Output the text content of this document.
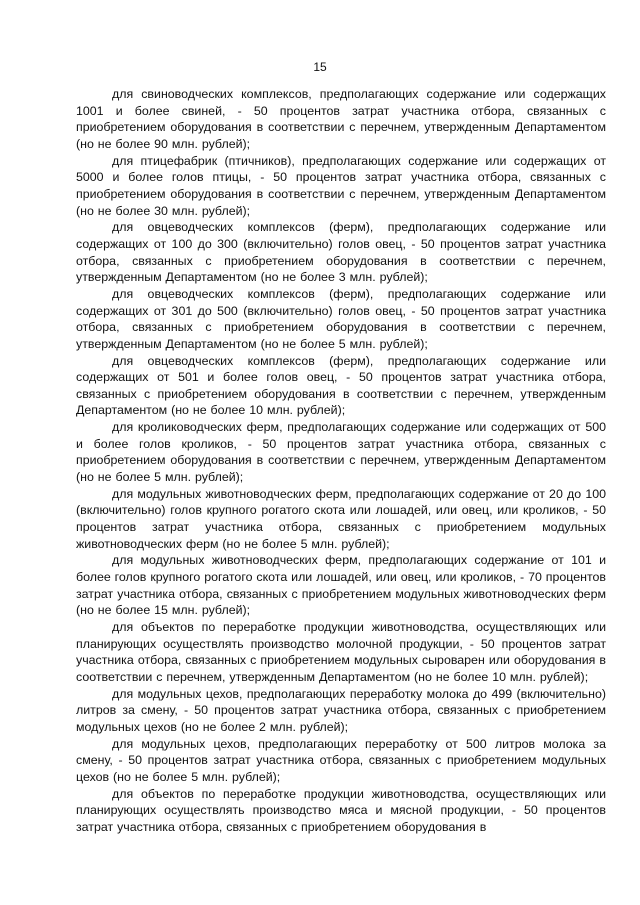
15

для свиноводческих комплексов, предполагающих содержание или содержащих 1001 и более свиней, - 50 процентов затрат участника отбора, связанных с приобретением оборудования в соответствии с перечнем, утвержденным Департаментом (но не более 90 млн. рублей);

для птицефабрик (птичников), предполагающих содержание или содержащих от 5000 и более голов птицы, - 50 процентов затрат участника отбора, связанных с приобретением оборудования в соответствии с перечнем, утвержденным Департаментом (но не более 30 млн. рублей);

для овцеводческих комплексов (ферм), предполагающих содержание или содержащих от 100 до 300 (включительно) голов овец, - 50 процентов затрат участника отбора, связанных с приобретением оборудования в соответствии с перечнем, утвержденным Департаментом (но не более 3 млн. рублей);

для овцеводческих комплексов (ферм), предполагающих содержание или содержащих от 301 до 500 (включительно) голов овец, - 50 процентов затрат участника отбора, связанных с приобретением оборудования в соответствии с перечнем, утвержденным Департаментом (но не более 5 млн. рублей);

для овцеводческих комплексов (ферм), предполагающих содержание или содержащих от 501 и более голов овец, - 50 процентов затрат участника отбора, связанных с приобретением оборудования в соответствии с перечнем, утвержденным Департаментом (но не более 10 млн. рублей);

для кролиководческих ферм, предполагающих содержание или содержащих от 500 и более голов кроликов, - 50 процентов затрат участника отбора, связанных с приобретением оборудования в соответствии с перечнем, утвержденным Департаментом (но не более 5 млн. рублей);

для модульных животноводческих ферм, предполагающих содержание от 20 до 100 (включительно) голов крупного рогатого скота или лошадей, или овец, или кроликов, - 50 процентов затрат участника отбора, связанных с приобретением модульных животноводческих ферм (но не более 5 млн. рублей);

для модульных животноводческих ферм, предполагающих содержание от 101 и более голов крупного рогатого скота или лошадей, или овец, или кроликов, - 70 процентов затрат участника отбора, связанных с приобретением модульных животноводческих ферм (но не более 15 млн. рублей);

для объектов по переработке продукции животноводства, осуществляющих или планирующих осуществлять производство молочной продукции, - 50 процентов затрат участника отбора, связанных с приобретением модульных сыроварен или оборудования в соответствии с перечнем, утвержденным Департаментом (но не более 10 млн. рублей);

для модульных цехов, предполагающих переработку молока до 499 (включительно) литров за смену, - 50 процентов затрат участника отбора, связанных с приобретением модульных цехов (но не более 2 млн. рублей);

для модульных цехов, предполагающих переработку от 500 литров молока за смену, - 50 процентов затрат участника отбора, связанных с приобретением модульных цехов (но не более 5 млн. рублей);

для объектов по переработке продукции животноводства, осуществляющих или планирующих осуществлять производство мяса и мясной продукции, - 50 процентов затрат участника отбора, связанных с приобретением оборудования в
